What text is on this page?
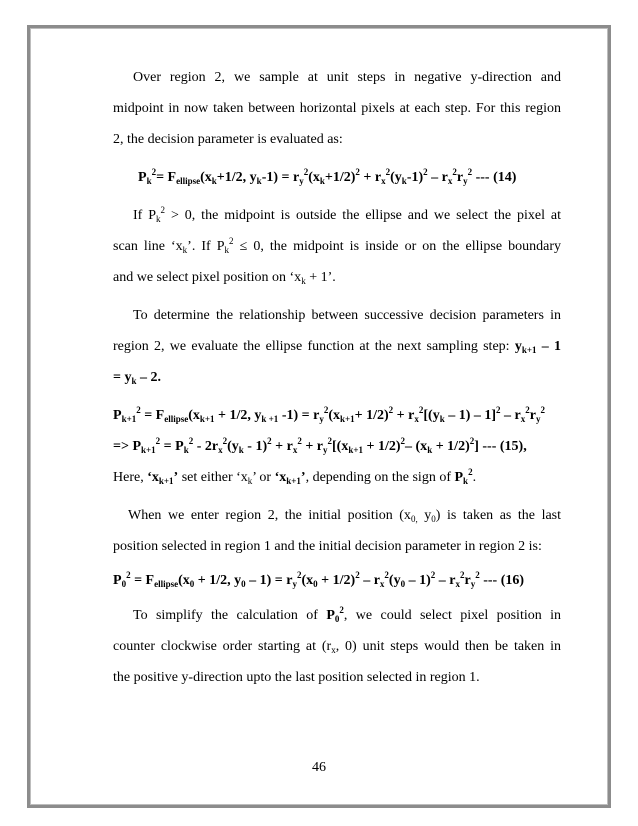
Over region 2, we sample at unit steps in negative y-direction and
midpoint in now taken between horizontal pixels at each step. For this region
2, the decision parameter is evaluated as:
$P_k^2= F_{ellipse}(x_k+1/2$, $y_k-1) = r_y^2(x_k+1/2)^2 + r_x^2(y_k-1)^2 - r_x^2r_y^2$ --- (14)
If $P_k^2 > 0$, the midpoint is outside the ellipse and we select the pixel at
scan line ‘$x_k$’. If $P_k^2 \le 0$, the midpoint is inside or on the ellipse boundary
and we select pixel position on ‘$x_k + 1$’.
To determine the relationship between successive decision parameters in
region 2, we evaluate the ellipse function at the next sampling step: $y_{k+1} - 1$
= $y_k - 2$.
$P_{k+1}^2 = F_{ellipse}(x_{k+1} + 1/2$, $y_{k +1}$ $-1) = r_y^2(x_{k+1}+ 1/2)^2 + r_x^2[(y_k - 1) - 1]^2 - r_x^2r_y^2$
=> $P_{k+1}^2 = P_k^2 - 2r_x^2(y_k - 1)^2 + r_x^2 + r_y^2[(x_{k+1} + 1/2)^2-$ $(x_k + 1/2)^2$] --- (15),
Here, ‘$x_{k+1}$’ set either ‘$x_k$’ or ‘$x_{k+1}$’, depending on the sign of $P_k^2$.
When we enter region 2, the initial position ($x_{0,}$ $y_0$) is taken as the last
position selected in region 1 and the initial decision parameter in region 2 is:
$P_0^2 = F_{ellipse}(x_0 + 1/2$, $y_0 - 1) = r_y^2(x_0 + 1/2)^2 - r_x^2(y_0 - 1)^2 - r_x^2r_y^2$ --- (16)
To simplify the calculation of $P_0^2$, we could select pixel position in
counter clockwise order starting at ($r_x$, 0) unit steps would then be taken in
the positive y-direction upto the last position selected in region 1.
46
